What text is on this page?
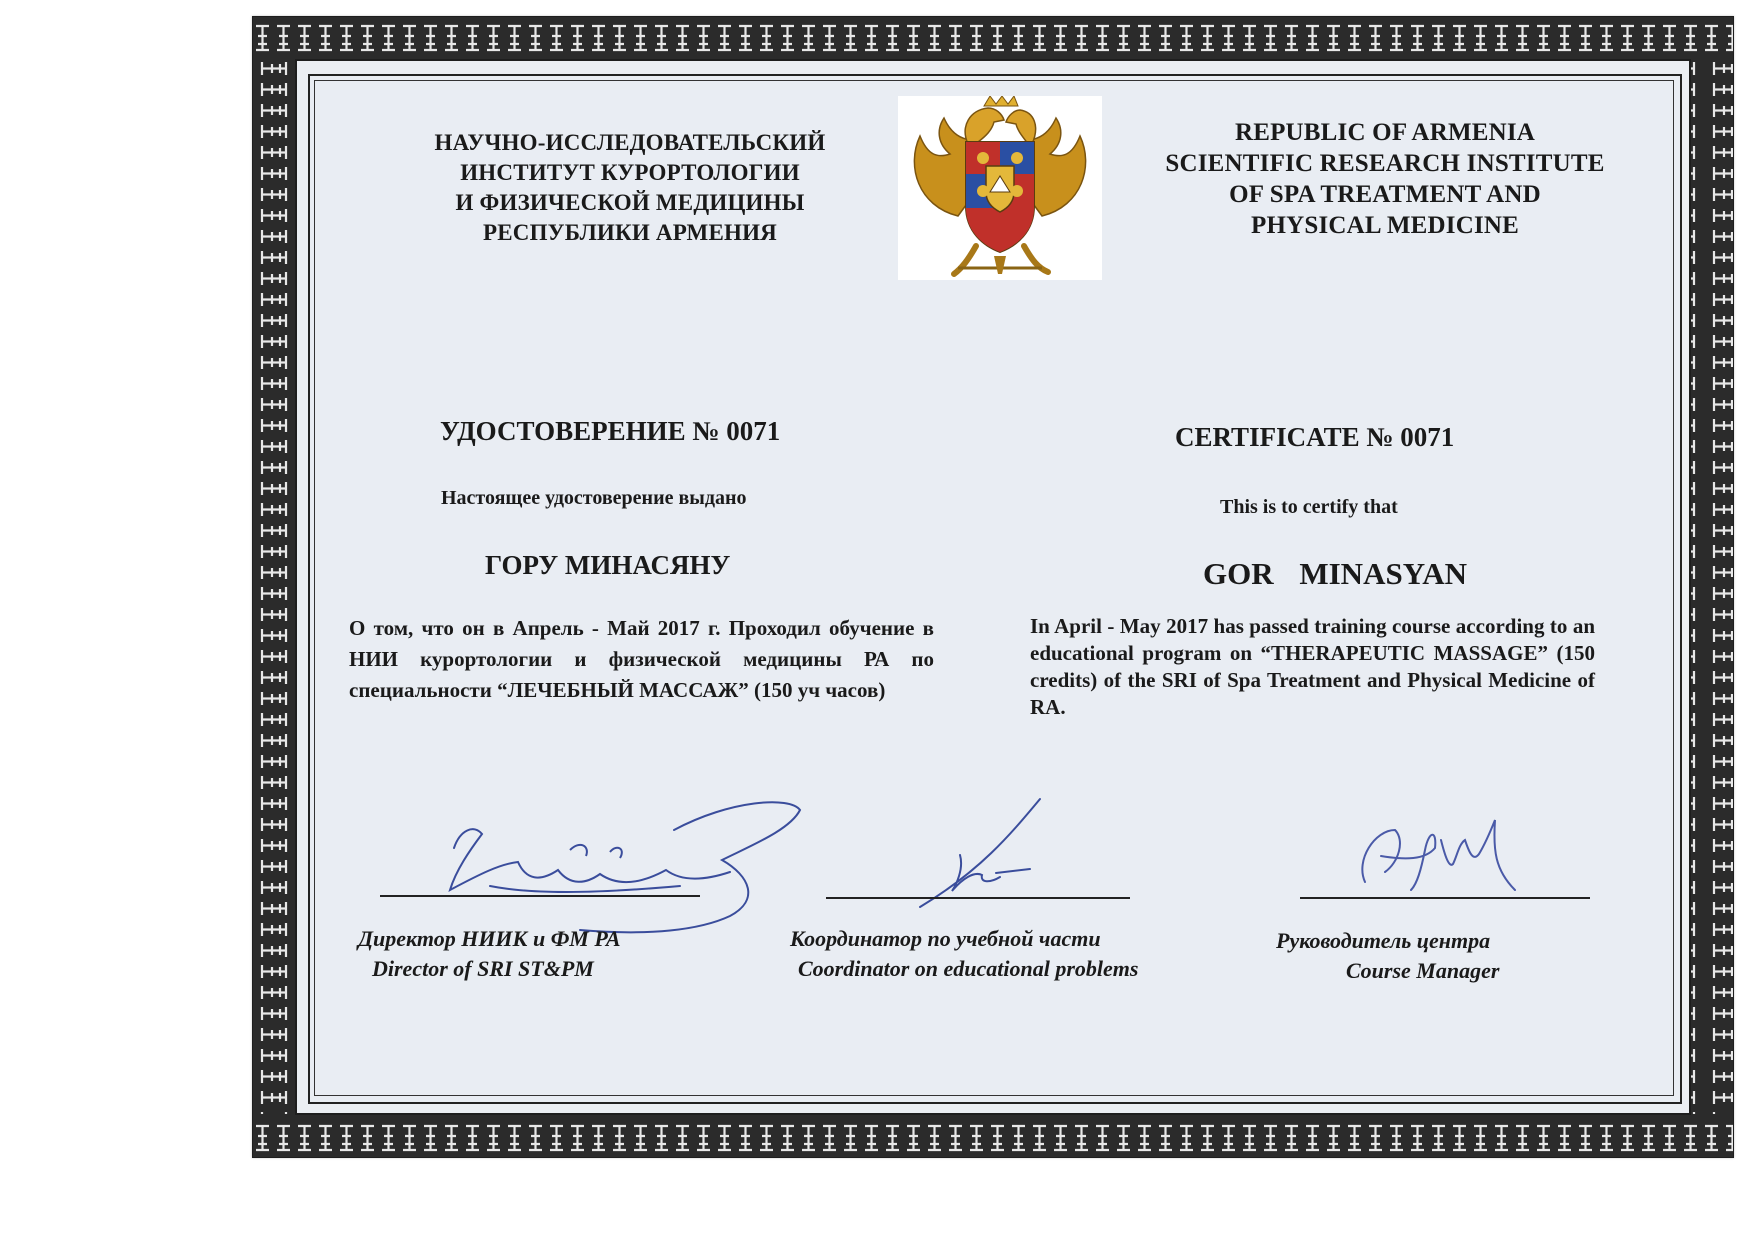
НАУЧНО-ИССЛЕДОВАТЕЛЬСКИЙ
ИНСТИТУТ КУРОРТОЛОГИИ
И ФИЗИЧЕСКОЙ МЕДИЦИНЫ
РЕСПУБЛИКИ АРМЕНИЯ
REPUBLIC OF ARMENIA
SCIENTIFIC RESEARCH INSTITUTE
OF SPA TREATMENT AND
PHYSICAL MEDICINE
УДОСТОВЕРЕНИЕ № 0071	CERTIFICATE № 0071
Настоящее удостоверение выдано	This is to certify that
ГОРУ МИНАСЯНУ	GOR MINASYAN
О том, что он в Апрель - Май 2017 г. Проходил обучение в НИИ курортологии и физической медицины РА по специальности “ЛЕЧЕБНЫЙ МАССАЖ” (150 уч часов)
In April - May 2017 has passed training course according to an educational program on “THERAPEUTIC MASSAGE” (150 credits) of the SRI of Spa Treatment and Physical Medicine of RA.
Директор НИИК и ФМ РА
Director of SRI ST&PM
Координатор по учебной части
Coordinator on educational problems
Руководитель центра
Course Manager
